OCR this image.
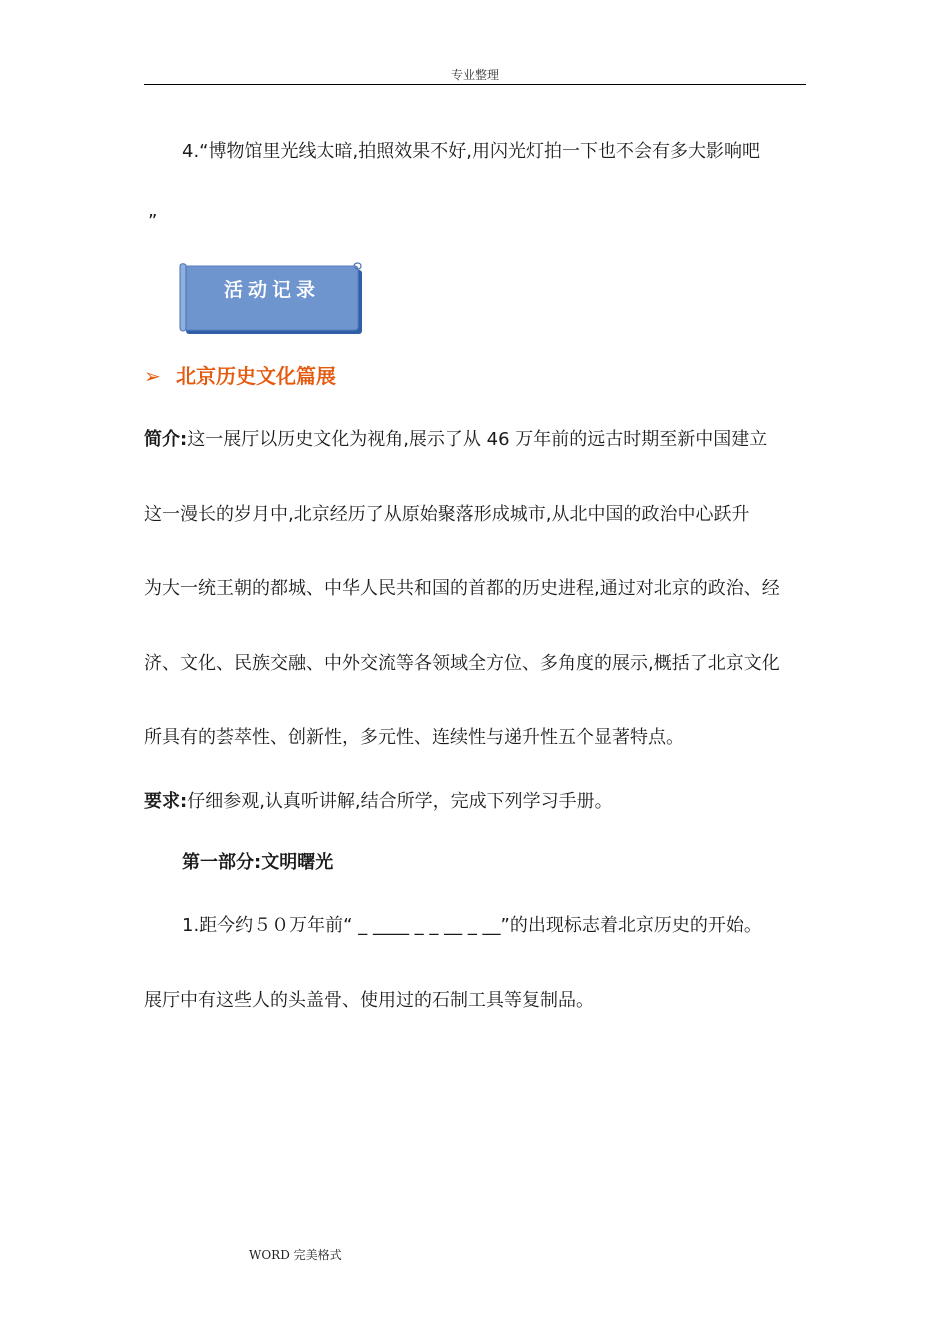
专业整理
4.“博物馆里光线太暗,拍照效果不好,用闪光灯拍一下也不会有多大影响吧
”
活动记录
➢ 北京历史文化篇展
简介:这一展厅以历史文化为视角,展示了从 46 万年前的远古时期至新中国建立
这一漫长的岁月中,北京经历了从原始聚落形成城市,从北中国的政治中心跃升
为大一统王朝的都城、中华人民共和国的首都的历史进程,通过对北京的政治、经
济、文化、民族交融、中外交流等各领域全方位、多角度的展示,概括了北京文化
所具有的荟萃性、创新性，多元性、连续性与递升性五个显著特点。
要求:仔细参观,认真听讲解,结合所学，完成下列学习手册。
第一部分:文明曙光
1.距今约５０万年前“ _ ____ _ _ __ _ __”的出现标志着北京历史的开始。
展厅中有这些人的头盖骨、使用过的石制工具等复制品。
WORD 完美格式
